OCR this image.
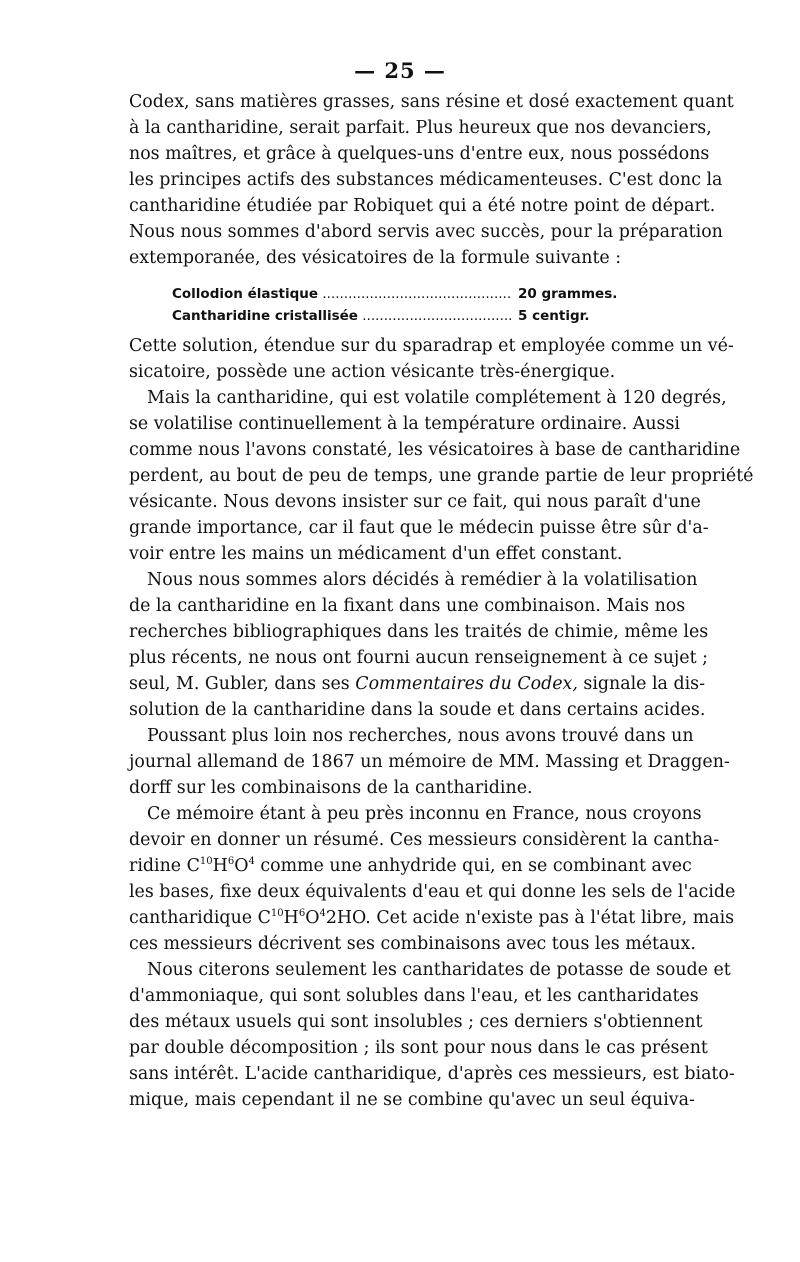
— 25 —
Codex, sans matières grasses, sans résine et dosé exactement quant
à la cantharidine, serait parfait. Plus heureux que nos devanciers,
nos maîtres, et grâce à quelques-uns d'entre eux, nous possédons
les principes actifs des substances médicamenteuses. C'est donc la
cantharidine étudiée par Robiquet qui a été notre point de départ.
Nous nous sommes d'abord servis avec succès, pour la préparation
extemporanée, des vésicatoires de la formule suivante :
Cette solution, étendue sur du sparadrap et employée comme un vé-
sicatoire, possède une action vésicante très-énergique.
Mais la cantharidine, qui est volatile complétement à 120 degrés,
se volatilise continuellement à la température ordinaire. Aussi
comme nous l'avons constaté, les vésicatoires à base de cantharidine
perdent, au bout de peu de temps, une grande partie de leur propriété
vésicante. Nous devons insister sur ce fait, qui nous paraît d'une
grande importance, car il faut que le médecin puisse être sûr d'a-
voir entre les mains un médicament d'un effet constant.
Nous nous sommes alors décidés à remédier à la volatilisation
de la cantharidine en la fixant dans une combinaison. Mais nos
recherches bibliographiques dans les traités de chimie, même les
plus récents, ne nous ont fourni aucun renseignement à ce sujet ;
seul, M. Gubler, dans ses Commentaires du Codex, signale la dis-
solution de la cantharidine dans la soude et dans certains acides.
Poussant plus loin nos recherches, nous avons trouvé dans un
journal allemand de 1867 un mémoire de MM. Massing et Draggen-
dorff sur les combinaisons de la cantharidine.
Ce mémoire étant à peu près inconnu en France, nous croyons
devoir en donner un résumé. Ces messieurs considèrent la cantha-
ridine $C^{10}H^6O^4$ comme une anhydride qui, en se combinant avec
les bases, fixe deux équivalents d'eau et qui donne les sels de l'acide
cantharidique $C^{10}H^6O^42HO$. Cet acide n'existe pas à l'état libre, mais
ces messieurs décrivent ses combinaisons avec tous les métaux.
Nous citerons seulement les cantharidates de potasse de soude et
d'ammoniaque, qui sont solubles dans l'eau, et les cantharidates
des métaux usuels qui sont insolubles ; ces derniers s'obtiennent
par double décomposition ; ils sont pour nous dans le cas présent
sans intérêt. L'acide cantharidique, d'après ces messieurs, est biato-
mique, mais cependant il ne se combine qu'avec un seul équiva-
Collodion élastique .....	20 grammes.
Cantharidine cristallisée .....	5 centigr.
